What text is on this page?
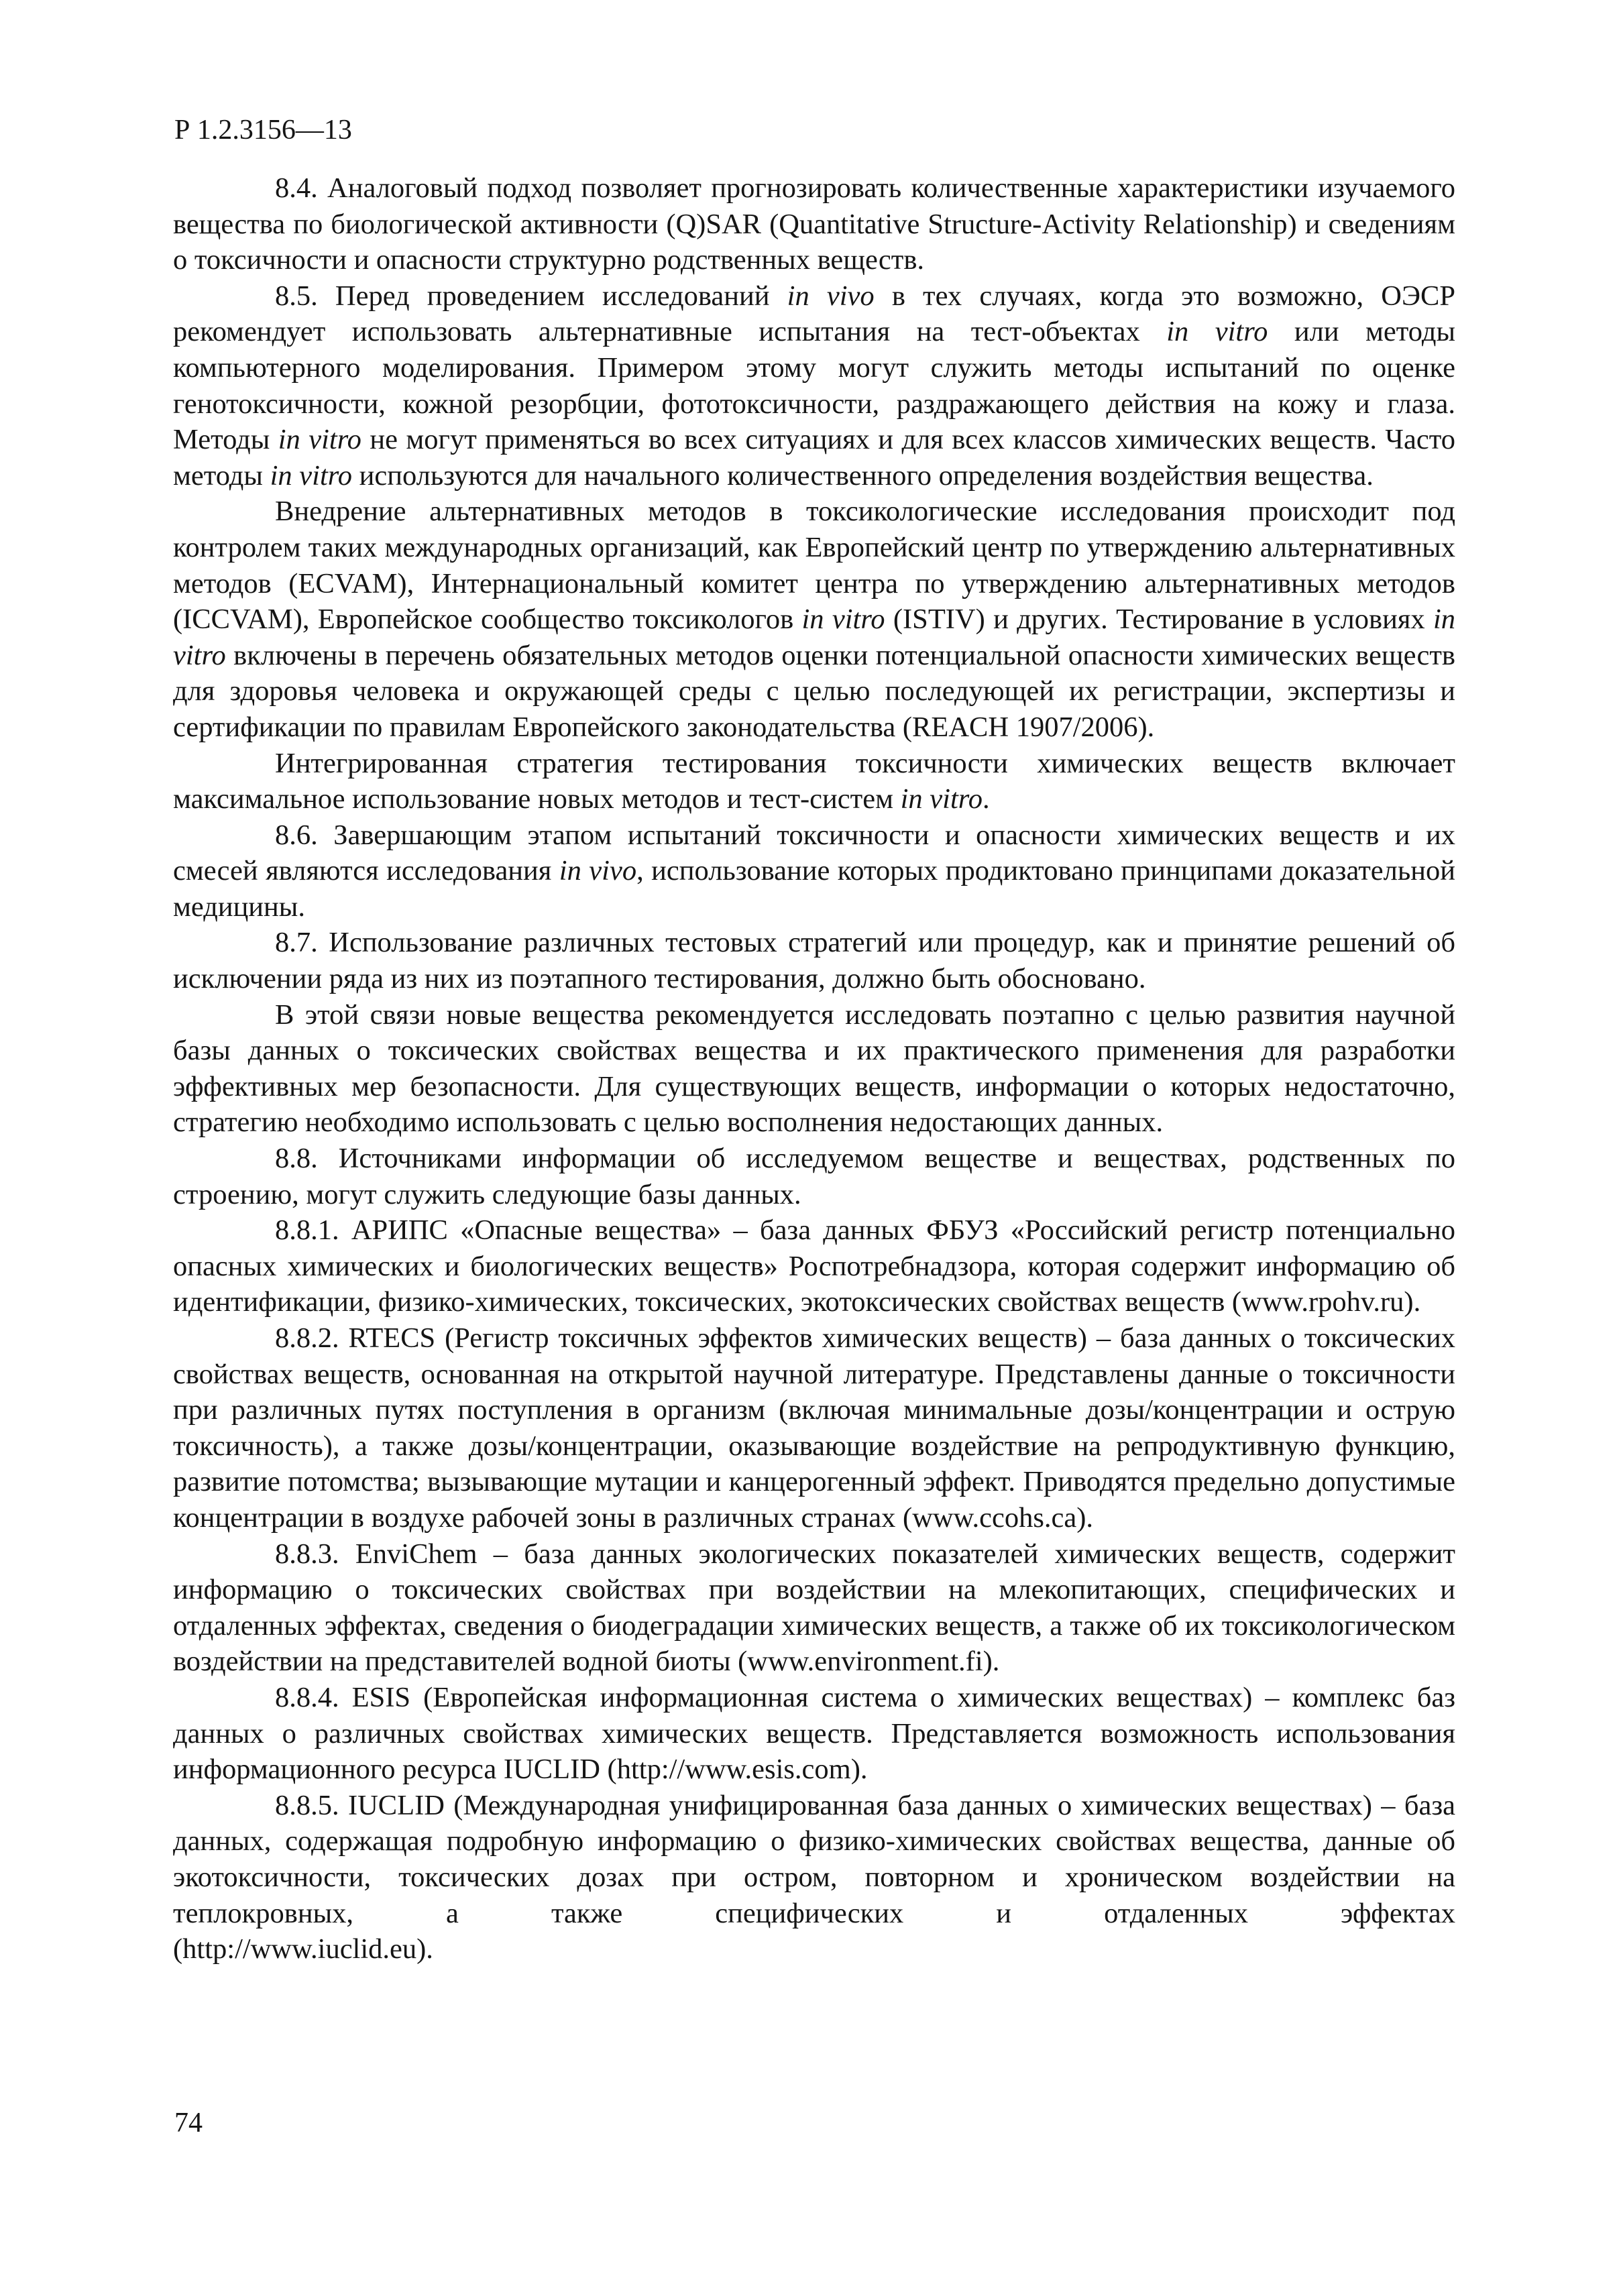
Р 1.2.3156—13

8.4. Аналоговый подход позволяет прогнозировать количественные характеристики изучаемого вещества по биологической активности (Q)SAR (Quantitative Structure-Activity Relationship) и сведениям о токсичности и опасности структурно родственных веществ.

8.5. Перед проведением исследований in vivo в тех случаях, когда это возможно, ОЭСР рекомендует использовать альтернативные испытания на тест-объектах in vitro или методы компьютерного моделирования. Примером этому могут служить методы испытаний по оценке генотоксичности, кожной резорбции, фототоксичности, раздражающего действия на кожу и глаза. Методы in vitro не могут применяться во всех ситуациях и для всех классов химических веществ. Часто методы in vitro используются для начального количественного определения воздействия вещества.

Внедрение альтернативных методов в токсикологические исследования происходит под контролем таких международных организаций, как Европейский центр по утверждению альтернативных методов (ECVAM), Интернациональный комитет центра по утверждению альтернативных методов (ICCVAM), Европейское сообщество токсикологов in vitro (ISTIV) и других. Тестирование в условиях in vitro включены в перечень обязательных методов оценки потенциальной опасности химических веществ для здоровья человека и окружающей среды с целью последующей их регистрации, экспертизы и сертификации по правилам Европейского законодательства (REACH 1907/2006).

Интегрированная стратегия тестирования токсичности химических веществ включает максимальное использование новых методов и тест-систем in vitro.

8.6. Завершающим этапом испытаний токсичности и опасности химических веществ и их смесей являются исследования in vivo, использование которых продиктовано принципами доказательной медицины.

8.7. Использование различных тестовых стратегий или процедур, как и принятие решений об исключении ряда из них из поэтапного тестирования, должно быть обосновано.

В этой связи новые вещества рекомендуется исследовать поэтапно с целью развития научной базы данных о токсических свойствах вещества и их практического применения для разработки эффективных мер безопасности. Для существующих веществ, информации о которых недостаточно, стратегию необходимо использовать с целью восполнения недостающих данных.

8.8. Источниками информации об исследуемом веществе и веществах, родственных по строению, могут служить следующие базы данных.

8.8.1. АРИПС «Опасные вещества» – база данных ФБУЗ «Российский регистр потенциально опасных химических и биологических веществ» Роспотребнадзора, которая содержит информацию об идентификации, физико-химических, токсических, экотоксических свойствах веществ (www.rpohv.ru).

8.8.2. RTECS (Регистр токсичных эффектов химических веществ) – база данных о токсических свойствах веществ, основанная на открытой научной литературе. Представлены данные о токсичности при различных путях поступления в организм (включая минимальные дозы/концентрации и острую токсичность), а также дозы/концентрации, оказывающие воздействие на репродуктивную функцию, развитие потомства; вызывающие мутации и канцерогенный эффект. Приводятся предельно допустимые концентрации в воздухе рабочей зоны в различных странах (www.ccohs.ca).

8.8.3. EnviChem – база данных экологических показателей химических веществ, содержит информацию о токсических свойствах при воздействии на млекопитающих, специфических и отдаленных эффектах, сведения о биодеградации химических веществ, а также об их токсикологическом воздействии на представителей водной биоты (www.environment.fi).

8.8.4. ESIS (Европейская информационная система о химических веществах) – комплекс баз данных о различных свойствах химических веществ. Представляется возможность использования информационного ресурса IUCLID (http://www.esis.com).

8.8.5. IUCLID (Международная унифицированная база данных о химических веществах) – база данных, содержащая подробную информацию о физико-химических свойствах вещества, данные об экотоксичности, токсических дозах при остром, повторном и хроническом воздействии на теплокровных, а также специфических и отдаленных эффектах

(http://www.iuclid.eu).

74
